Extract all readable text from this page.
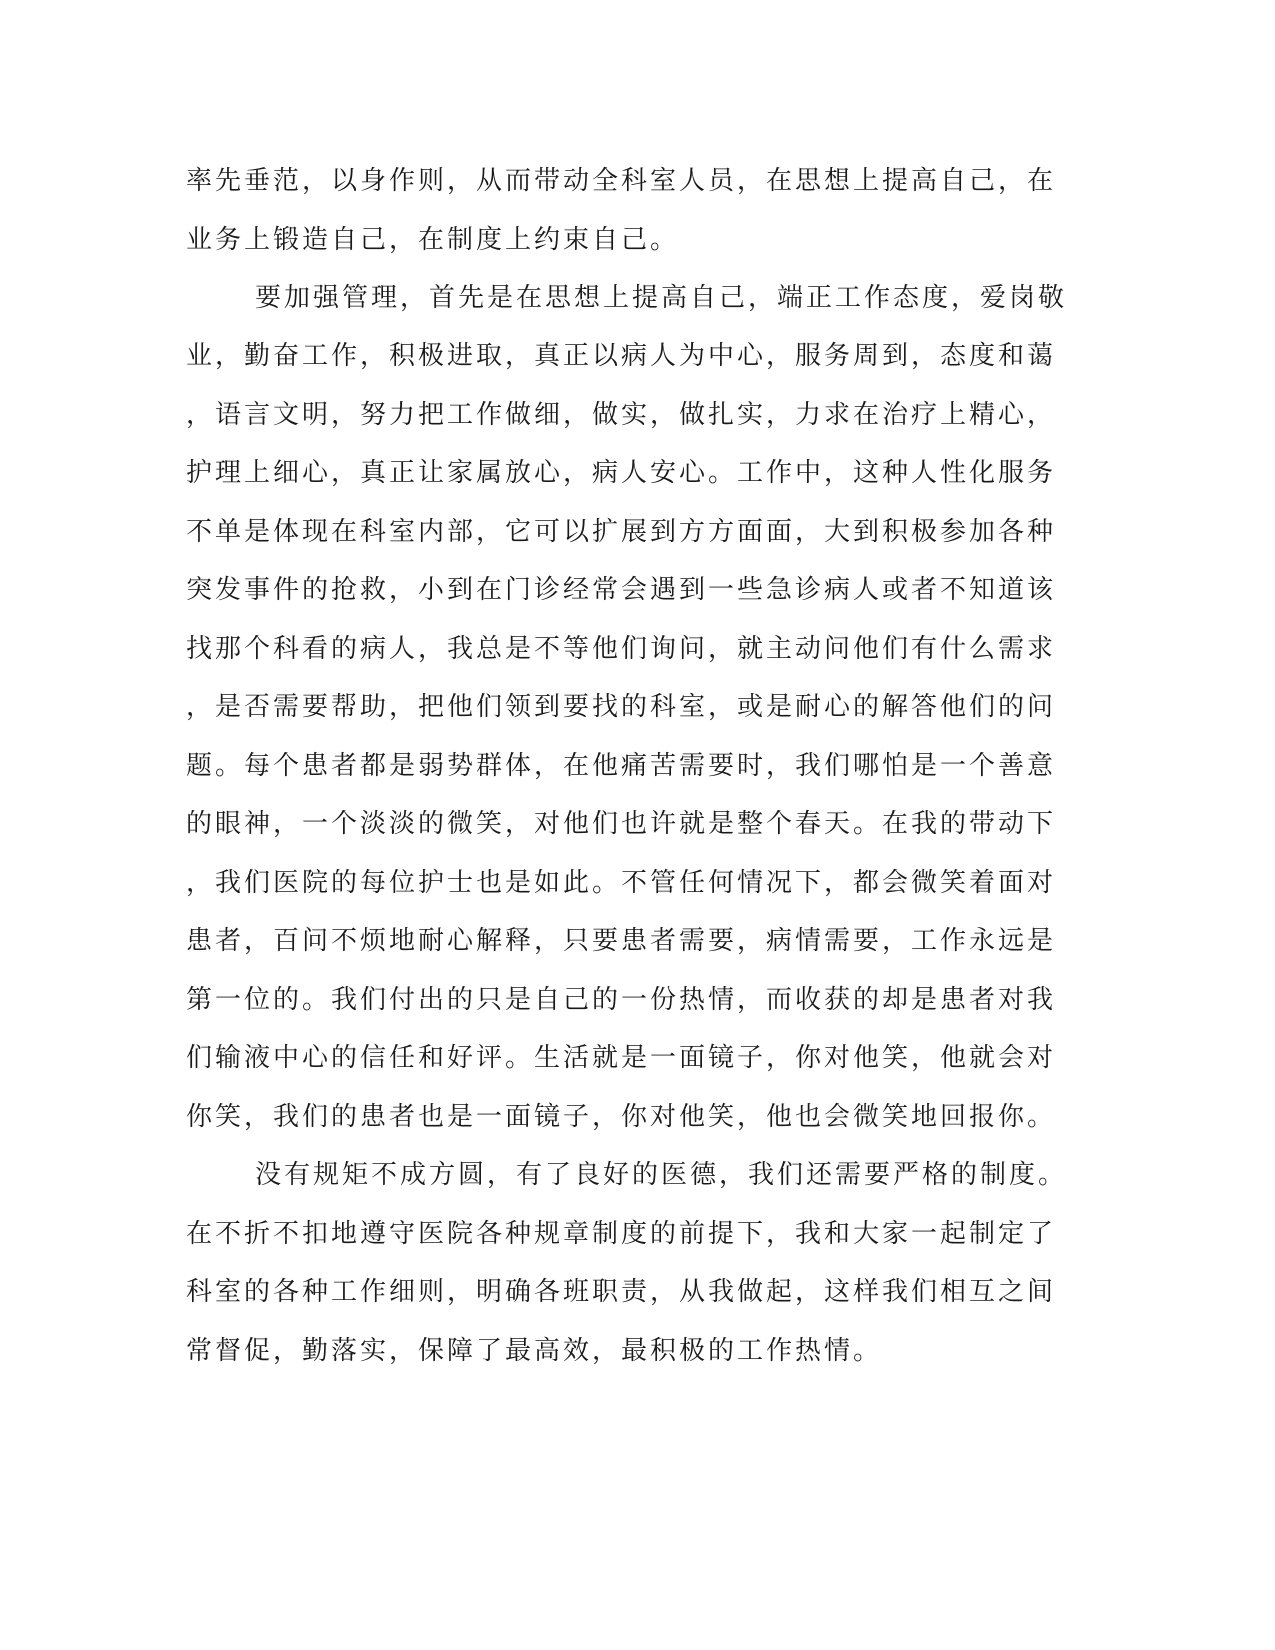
率先垂范，以身作则，从而带动全科室人员，在思想上提高自己，在
业务上锻造自己，在制度上约束自己。
要加强管理，首先是在思想上提高自己，端正工作态度，爱岗敬
业，勤奋工作，积极进取，真正以病人为中心，服务周到，态度和蔼
，语言文明，努力把工作做细，做实，做扎实，力求在治疗上精心，
护理上细心，真正让家属放心，病人安心。工作中，这种人性化服务
不单是体现在科室内部，它可以扩展到方方面面，大到积极参加各种
突发事件的抢救，小到在门诊经常会遇到一些急诊病人或者不知道该
找那个科看的病人，我总是不等他们询问，就主动问他们有什么需求
，是否需要帮助，把他们领到要找的科室，或是耐心的解答他们的问
题。每个患者都是弱势群体，在他痛苦需要时，我们哪怕是一个善意
的眼神，一个淡淡的微笑，对他们也许就是整个春天。在我的带动下
，我们医院的每位护士也是如此。不管任何情况下，都会微笑着面对
患者，百问不烦地耐心解释，只要患者需要，病情需要，工作永远是
第一位的。我们付出的只是自己的一份热情，而收获的却是患者对我
们输液中心的信任和好评。生活就是一面镜子，你对他笑，他就会对
你笑，我们的患者也是一面镜子，你对他笑，他也会微笑地回报你。
没有规矩不成方圆，有了良好的医德，我们还需要严格的制度。
在不折不扣地遵守医院各种规章制度的前提下，我和大家一起制定了
科室的各种工作细则，明确各班职责，从我做起，这样我们相互之间
常督促，勤落实，保障了最高效，最积极的工作热情。
